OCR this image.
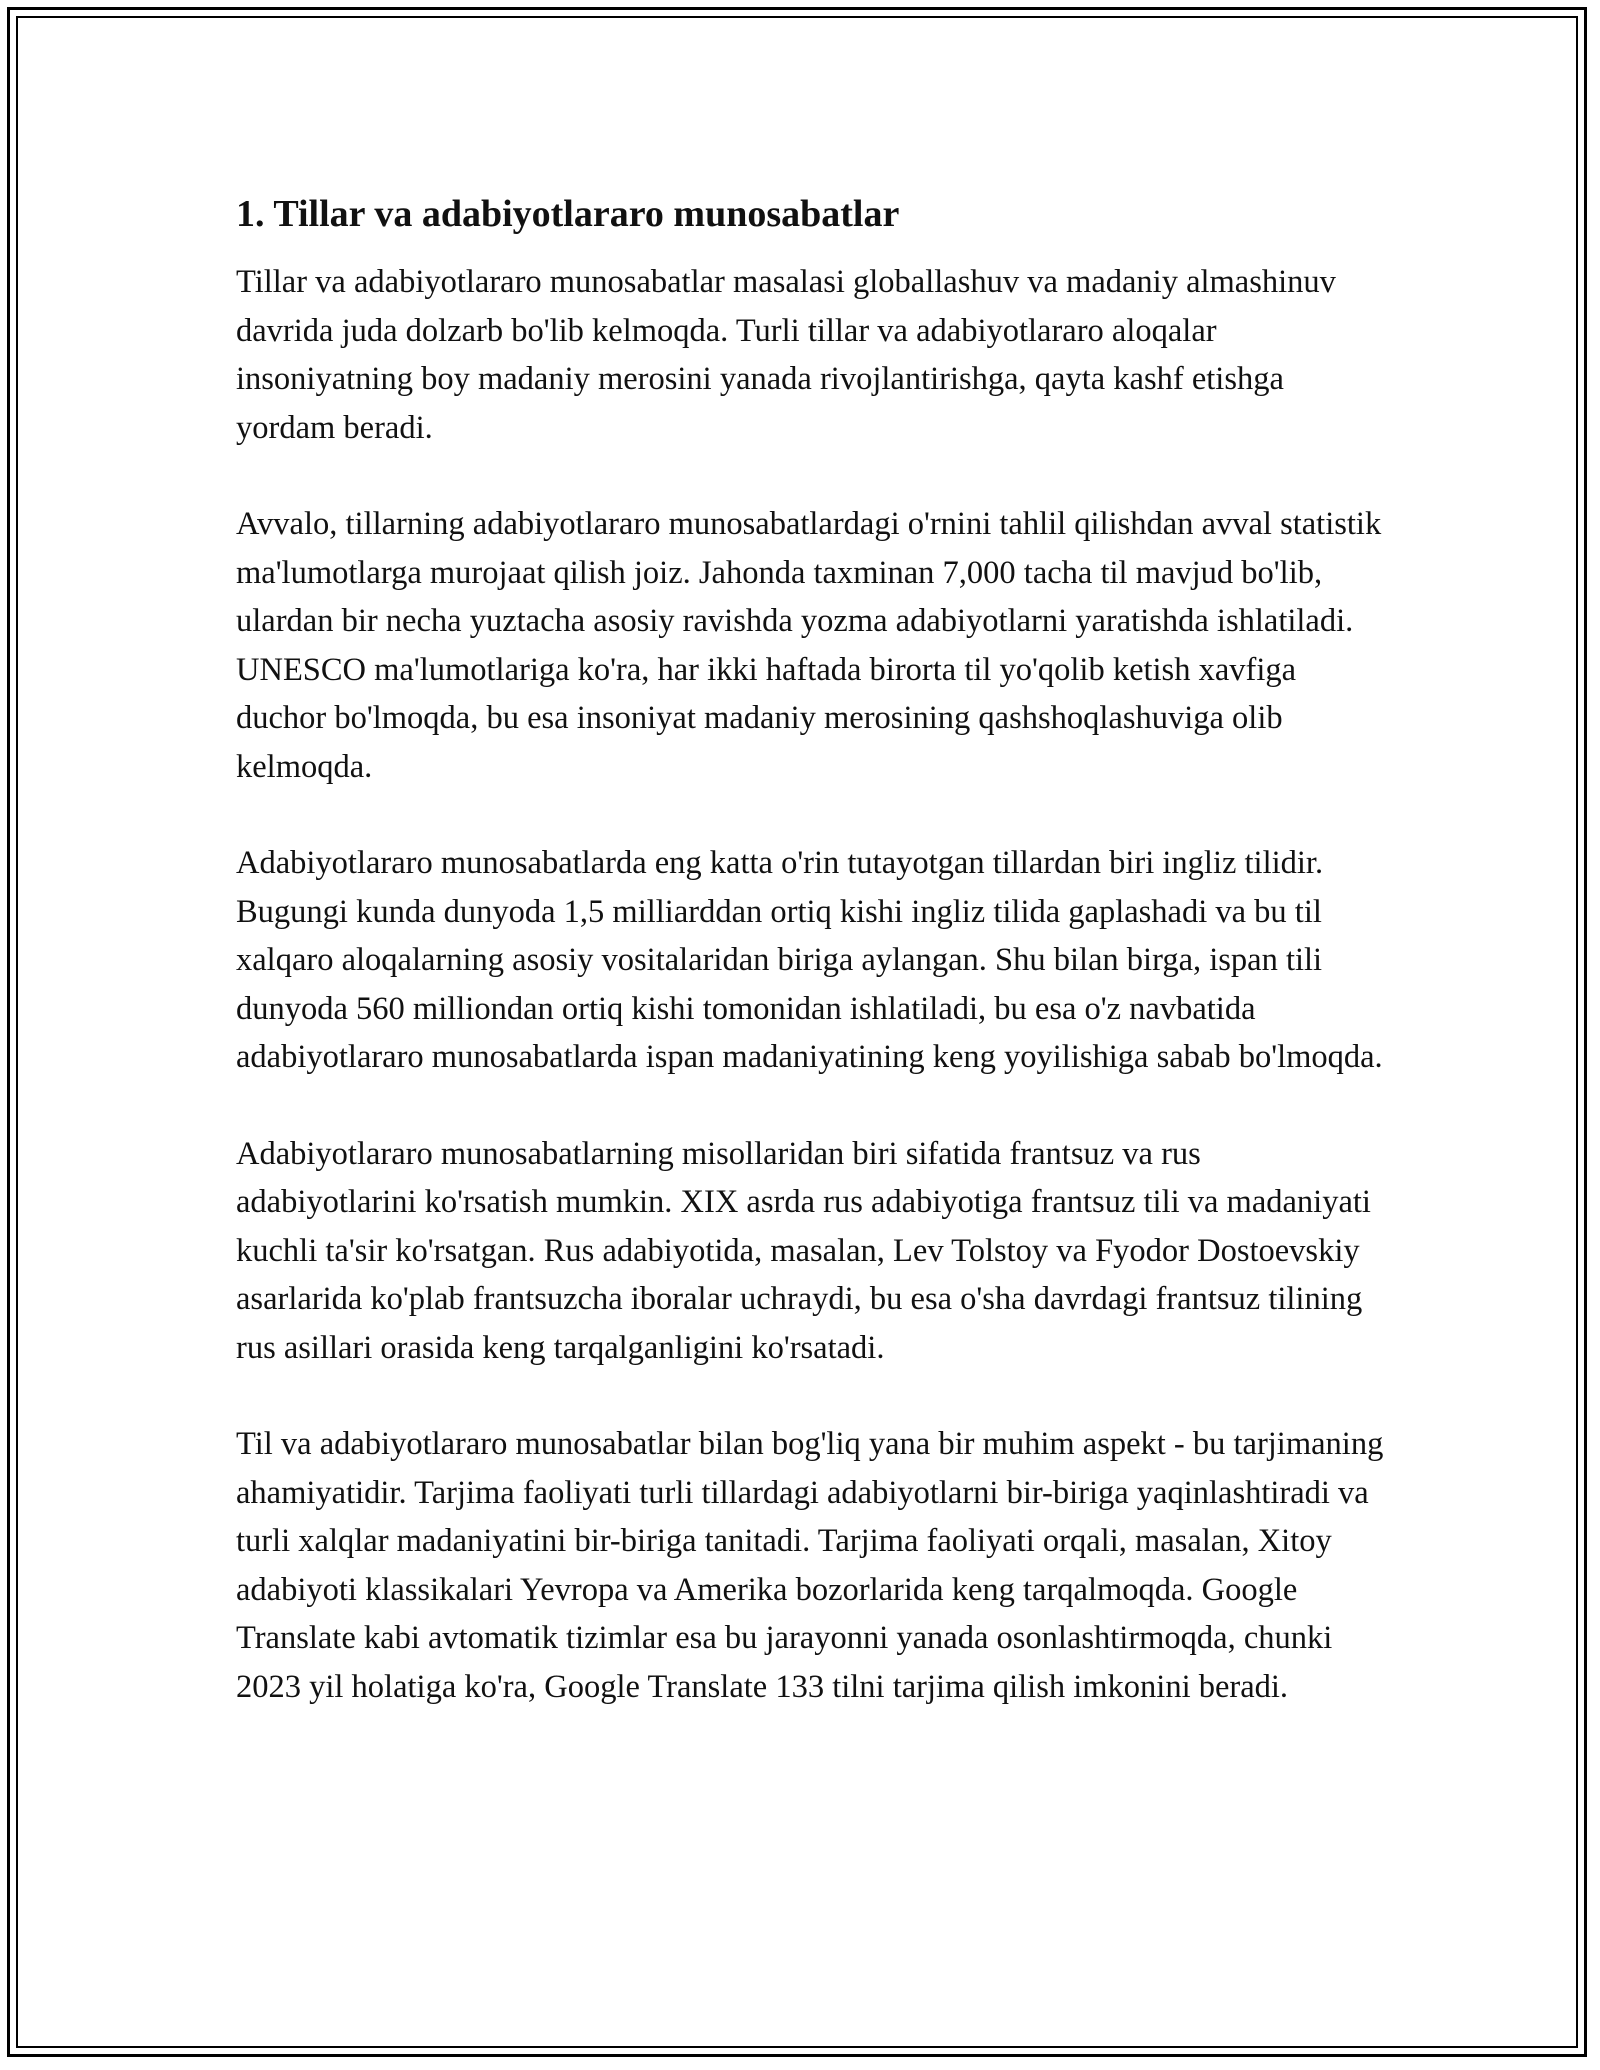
1. Tillar va adabiyotlararo munosabatlar

Tillar va adabiyotlararo munosabatlar masalasi globallashuv va madaniy almashinuv davrida juda dolzarb bo'lib kelmoqda. Turli tillar va adabiyotlararo aloqalar insoniyatning boy madaniy merosini yanada rivojlantirishga, qayta kashf etishga yordam beradi.

Avvalo, tillarning adabiyotlararo munosabatlardagi o'rnini tahlil qilishdan avval statistik ma'lumotlarga murojaat qilish joiz. Jahonda taxminan 7,000 tacha til mavjud bo'lib, ulardan bir necha yuztacha asosiy ravishda yozma adabiyotlarni yaratishda ishlatiladi. UNESCO ma'lumotlariga ko'ra, har ikki haftada birorta til yo'qolib ketish xavfiga duchor bo'lmoqda, bu esa insoniyat madaniy merosining qashshoqlashuviga olib kelmoqda.

Adabiyotlararo munosabatlarda eng katta o'rin tutayotgan tillardan biri ingliz tilidir. Bugungi kunda dunyoda 1,5 milliarddan ortiq kishi ingliz tilida gaplashadi va bu til xalqaro aloqalarning asosiy vositalaridan biriga aylangan. Shu bilan birga, ispan tili dunyoda 560 milliondan ortiq kishi tomonidan ishlatiladi, bu esa o'z navbatida adabiyotlararo munosabatlarda ispan madaniyatining keng yoyilishiga sabab bo'lmoqda.

Adabiyotlararo munosabatlarning misollaridan biri sifatida frantsuz va rus adabiyotlarini ko'rsatish mumkin. XIX asrda rus adabiyotiga frantsuz tili va madaniyati kuchli ta'sir ko'rsatgan. Rus adabiyotida, masalan, Lev Tolstoy va Fyodor Dostoevskiy asarlarida ko'plab frantsuzcha iboralar uchraydi, bu esa o'sha davrdagi frantsuz tilining rus asillari orasida keng tarqalganligini ko'rsatadi.

Til va adabiyotlararo munosabatlar bilan bog'liq yana bir muhim aspekt - bu tarjimaning ahamiyatidir. Tarjima faoliyati turli tillardagi adabiyotlarni bir-biriga yaqinlashtiradi va turli xalqlar madaniyatini bir-biriga tanitadi. Tarjima faoliyati orqali, masalan, Xitoy adabiyoti klassikalari Yevropa va Amerika bozorlarida keng tarqalmoqda. Google Translate kabi avtomatik tizimlar esa bu jarayonni yanada osonlashtirmoqda, chunki 2023 yil holatiga ko'ra, Google Translate 133 tilni tarjima qilish imkonini beradi.
